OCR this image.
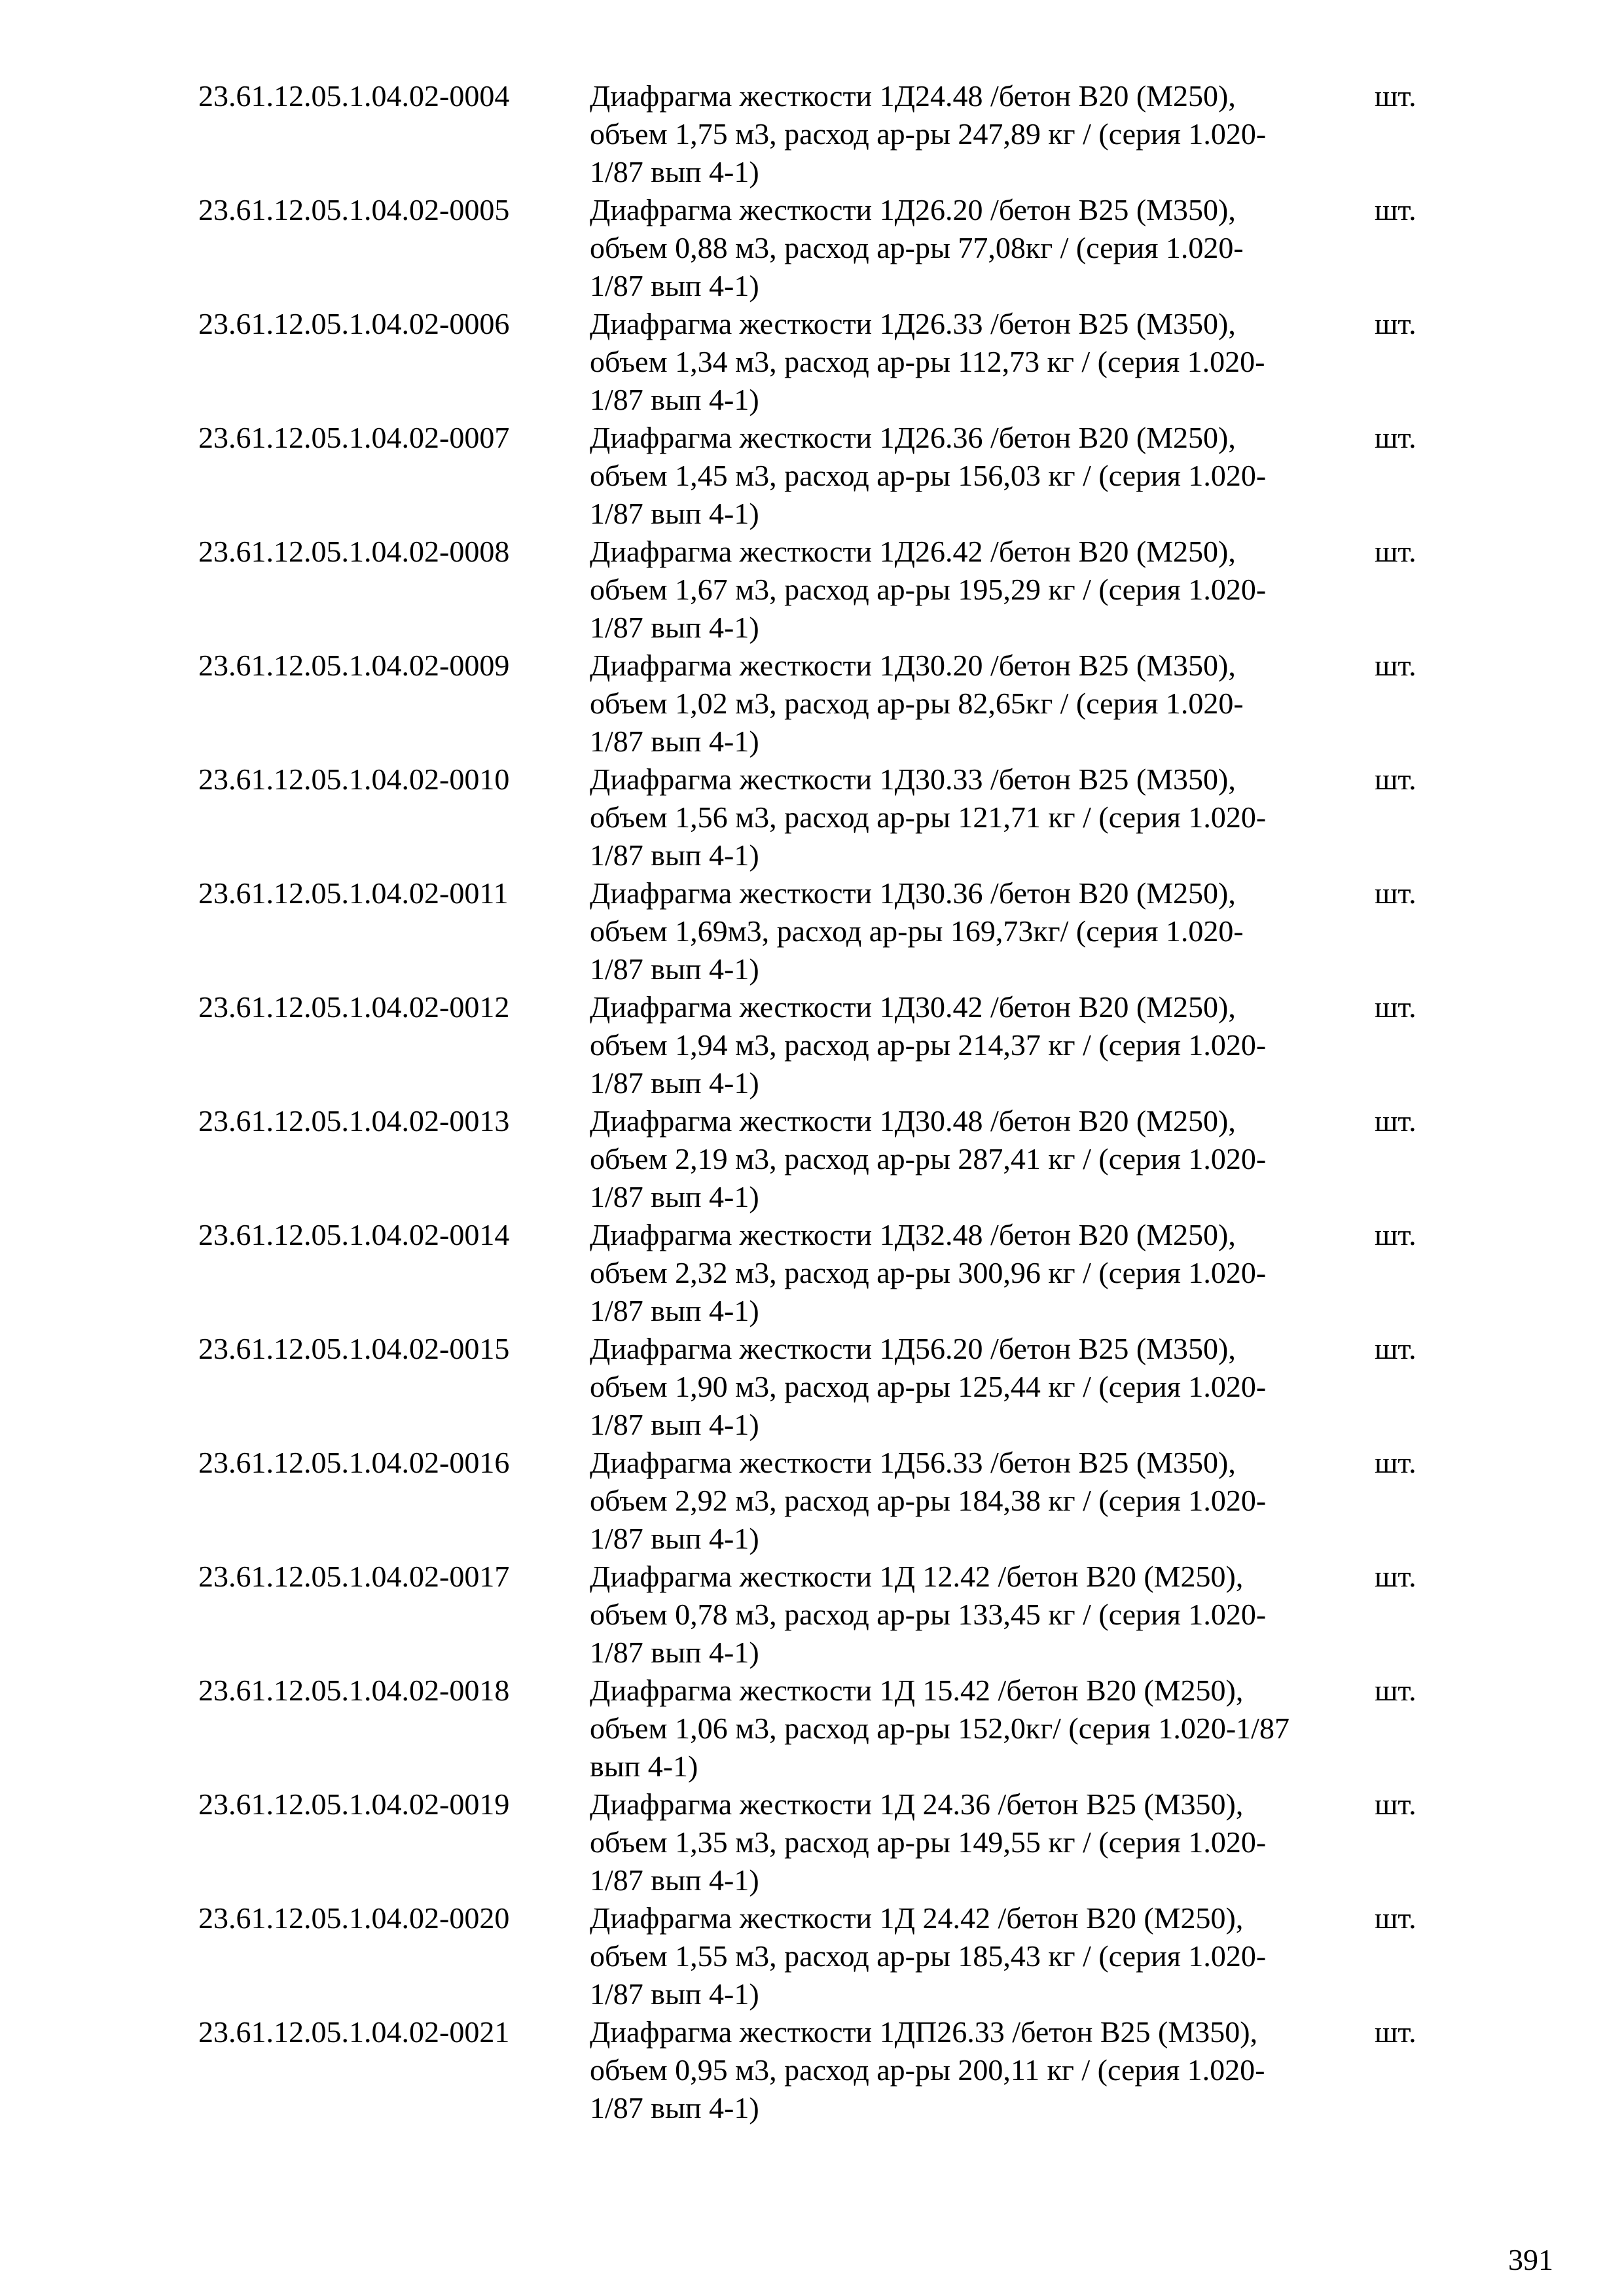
23.61.12.05.1.04.02-0004	Диафрагма жесткости 1Д24.48 /бетон В20 (М250),
объем 1,75 м3, расход ар-ры 247,89 кг / (серия 1.020-
1/87 вып 4-1)
шт.
23.61.12.05.1.04.02-0005	Диафрагма жесткости 1Д26.20 /бетон В25 (М350),
объем 0,88 м3, расход ар-ры 77,08кг / (серия 1.020-
1/87 вып 4-1)
шт.
23.61.12.05.1.04.02-0006	Диафрагма жесткости 1Д26.33 /бетон В25 (М350),
объем 1,34 м3, расход ар-ры 112,73 кг / (серия 1.020-
1/87 вып 4-1)
шт.
23.61.12.05.1.04.02-0007	Диафрагма жесткости 1Д26.36 /бетон В20 (М250),
объем 1,45 м3, расход ар-ры 156,03 кг / (серия 1.020-
1/87 вып 4-1)
шт.
23.61.12.05.1.04.02-0008	Диафрагма жесткости 1Д26.42 /бетон В20 (М250),
объем 1,67 м3, расход ар-ры 195,29 кг / (серия 1.020-
1/87 вып 4-1)
шт.
23.61.12.05.1.04.02-0009	Диафрагма жесткости 1Д30.20 /бетон В25 (М350),
объем 1,02 м3, расход ар-ры 82,65кг / (серия 1.020-
1/87 вып 4-1)
шт.
23.61.12.05.1.04.02-0010	Диафрагма жесткости 1Д30.33 /бетон В25 (М350),
объем 1,56 м3, расход ар-ры 121,71 кг / (серия 1.020-
1/87 вып 4-1)
шт.
23.61.12.05.1.04.02-0011	Диафрагма жесткости 1Д30.36 /бетон В20 (М250),
объем 1,69м3, расход ар-ры 169,73кг/ (серия 1.020-
1/87 вып 4-1)
шт.
23.61.12.05.1.04.02-0012	Диафрагма жесткости 1Д30.42 /бетон В20 (М250),
объем 1,94 м3, расход ар-ры 214,37 кг / (серия 1.020-
1/87 вып 4-1)
шт.
23.61.12.05.1.04.02-0013	Диафрагма жесткости 1Д30.48 /бетон В20 (М250),
объем 2,19 м3, расход ар-ры 287,41 кг / (серия 1.020-
1/87 вып 4-1)
шт.
23.61.12.05.1.04.02-0014	Диафрагма жесткости 1Д32.48 /бетон В20 (М250),
объем 2,32 м3, расход ар-ры 300,96 кг / (серия 1.020-
1/87 вып 4-1)
шт.
23.61.12.05.1.04.02-0015	Диафрагма жесткости 1Д56.20 /бетон В25 (М350),
объем 1,90 м3, расход ар-ры 125,44 кг / (серия 1.020-
1/87 вып 4-1)
шт.
23.61.12.05.1.04.02-0016	Диафрагма жесткости 1Д56.33 /бетон В25 (М350),
объем 2,92 м3, расход ар-ры 184,38 кг / (серия 1.020-
1/87 вып 4-1)
шт.
23.61.12.05.1.04.02-0017	Диафрагма жесткости 1Д 12.42 /бетон В20 (М250),
объем 0,78 м3, расход ар-ры 133,45 кг / (серия 1.020-
1/87 вып 4-1)
шт.
23.61.12.05.1.04.02-0018	Диафрагма жесткости 1Д 15.42 /бетон В20 (М250),
объем 1,06 м3, расход ар-ры 152,0кг/ (серия 1.020-1/87
вып 4-1)
шт.
23.61.12.05.1.04.02-0019	Диафрагма жесткости 1Д 24.36 /бетон В25 (М350),
объем 1,35 м3, расход ар-ры 149,55 кг / (серия 1.020-
1/87 вып 4-1)
шт.
23.61.12.05.1.04.02-0020	Диафрагма жесткости 1Д 24.42 /бетон В20 (М250),
объем 1,55 м3, расход ар-ры 185,43 кг / (серия 1.020-
1/87 вып 4-1)
шт.
23.61.12.05.1.04.02-0021	Диафрагма жесткости 1ДП26.33 /бетон В25 (М350),
объем 0,95 м3, расход ар-ры 200,11 кг / (серия 1.020-
1/87 вып 4-1)
шт.
391
